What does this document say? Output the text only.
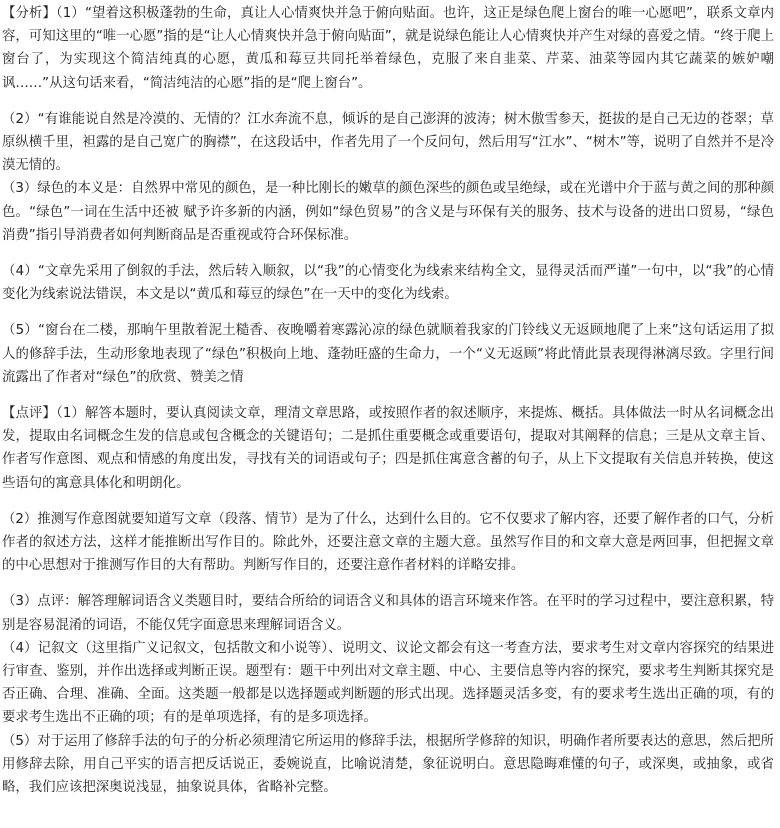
【分析】（1）“望着这积极蓬勃的生命，真让人心情爽快并急于俯向贴面。也许，这正是绿色爬上窗台的唯一心愿吧”，联系文章内容，可知这里的“唯一心愿”指的是“让人心情爽快并急于俯向贴面”，就是说绿色能让人心情爽快并产生对绿的喜爱之情。“终于爬上窗台了，为实现这个简洁纯真的心愿，黄瓜和莓豆共同托举着绿色，克服了来自韭菜、芹菜、油菜等园内其它蔬菜的嫉妒嘲讽……”从这句话来看，“简洁纯洁的心愿”指的是“爬上窗台”。

（2）“有谁能说自然是冷漠的、无情的？江水奔流不息，倾诉的是自己澎湃的波涛；树木傲雪参天，挺拔的是自己无边的苍翠；草原纵横千里，袒露的是自己宽广的胸襟”，在这段话中，作者先用了一个反问句，然后用写“江水”、“树木”等，说明了自然并不是冷漠无情的。

（3）绿色的本义是：自然界中常见的颜色，是一种比刚长的嫩草的颜色深些的颜色或呈绝绿，或在光谱中介于蓝与黄之间的那种颜色。“绿色”一词在生活中还被 赋予许多新的内涵，例如“绿色贸易”的含义是与环保有关的服务、技术与设备的进出口贸易，“绿色消费”指引导消费者如何判断商品是否重视或符合环保标准。

（4）“文章先采用了倒叙的手法，然后转入顺叙，以“我”的心情变化为线索来结构全文，显得灵活而严谨”一句中，以“我”的心情变化为线索说法错误，本文是以“黄瓜和莓豆的绿色”在一天中的变化为线索。

（5）“窗台在二楼，那晌午里散着泥土糙香、夜晚嚼着寒露沁凉的绿色就顺着我家的门铃线义无返顾地爬了上来”这句话运用了拟人的修辞手法，生动形象地表现了“绿色”积极向上地、蓬勃旺盛的生命力，一个“义无返顾”将此情此景表现得淋漓尽致。字里行间流露出了作者对“绿色”的欣赏、赞美之情

【点评】（1）解答本题时，要认真阅读文章，理清文章思路，或按照作者的叙述顺序，来提炼、概括。具体做法一时从名词概念出发，提取由名词概念生发的信息或包含概念的关键语句；二是抓住重要概念或重要语句，提取对其阐释的信息；三是从文章主旨、作者写作意图、观点和情感的角度出发，寻找有关的词语或句子；四是抓住寓意含蓄的句子，从上下文提取有关信息并转换，使这些语句的寓意具体化和明朗化。

（2）推测写作意图就要知道写文章（段落、情节）是为了什么，达到什么目的。它不仅要求了解内容，还要了解作者的口气，分析作者的叙述方法，这样才能推断出写作目的。除此外，还要注意文章的主题大意。虽然写作目的和文章大意是两回事，但把握文章的中心思想对于推测写作目的大有帮助。判断写作目的，还要注意作者材料的详略安排。

（3）点评：解答理解词语含义类题目时，要结合所给的词语含义和具体的语言环境来作答。在平时的学习过程中，要注意积累，特别是容易混淆的词语，不能仅凭字面意思来理解词语含义。

（4）记叙文（这里指广义记叙文，包括散文和小说等）、说明文、议论文都会有这一考查方法，要求考生对文章内容探究的结果进行审查、鉴别，并作出选择或判断正误。题型有：题干中列出对文章主题、中心、主要信息等内容的探究，要求考生判断其探究是否正确、合理、准确、全面。这类题一般都是以选择题或判断题的形式出现。选择题灵活多变，有的要求考生选出正确的项，有的要求考生选出不正确的项；有的是单项选择，有的是多项选择。

（5）对于运用了修辞手法的句子的分析必须理清它所运用的修辞手法，根据所学修辞的知识，明确作者所要表达的意思，然后把所用修辞去除，用自己平实的语言把反话说正，委婉说直，比喻说清楚，象征说明白。意思隐晦难懂的句子，或深奥，或抽象，或省略，我们应该把深奥说浅显，抽象说具体，省略补完整。
